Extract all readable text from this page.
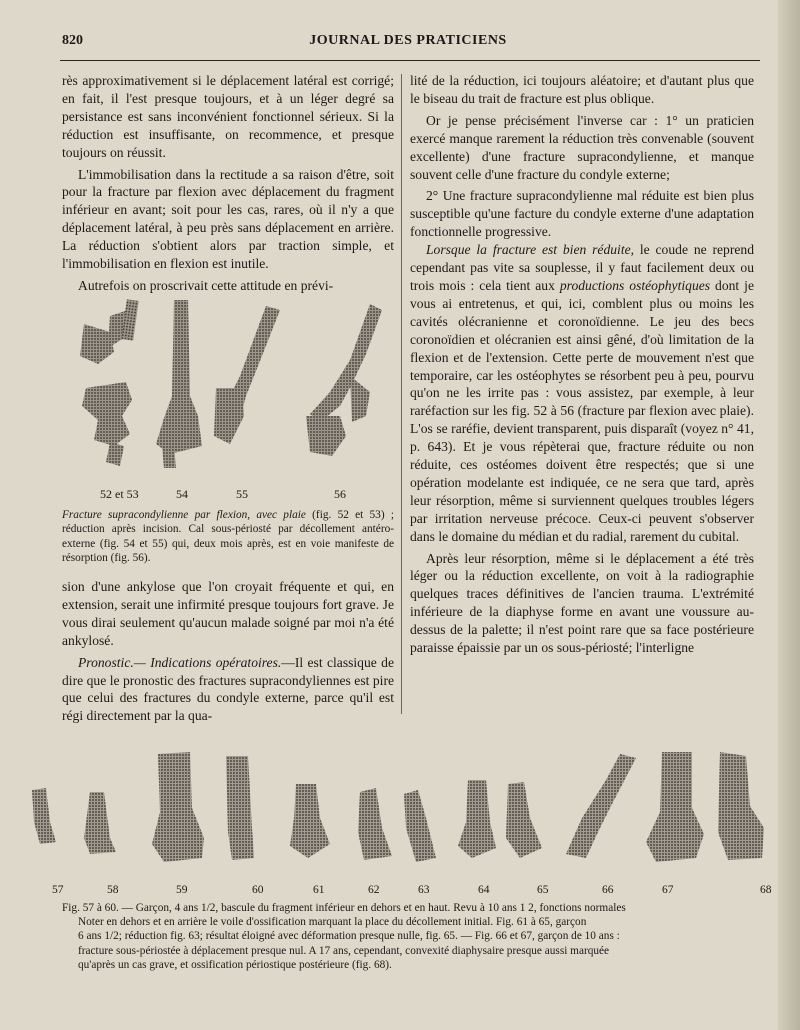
820	JOURNAL DES PRATICIENS

rès approximativement si le déplacement latéral est corrigé; en fait, il l'est presque toujours, et à un léger degré sa persistance est sans inconvénient fonctionnel sérieux. Si la réduction est insuffisante, on recommence, et presque toujours on réussit.

L'immobilisation dans la rectitude a sa raison d'être, soit pour la fracture par flexion avec déplacement du fragment inférieur en avant; soit pour les cas, rares, où il n'y a que déplacement latéral, à peu près sans déplacement en arrière. La réduction s'obtient alors par traction simple, et l'immobilisation en flexion est inutile.

Autrefois on proscrivait cette attitude en prévi-

52 et 53	54	55	56
Fracture supracondylienne par flexion, avec plaie (fig. 52 et 53) ; réduction après incision. Cal sous-périosté par décollement antéro-externe (fig. 54 et 55) qui, deux mois après, est en voie manifeste de résorption (fig. 56).

sion d'une ankylose que l'on croyait fréquente et qui, en extension, serait une infirmité presque toujours fort grave. Je vous dirai seulement qu'aucun malade soigné par moi n'a été ankylosé.

Pronostic.— Indications opératoires.—Il est classique de dire que le pronostic des fractures supracondyliennes est pire que celui des fractures du condyle externe, parce qu'il est régi directement par la qua-

lité de la réduction, ici toujours aléatoire; et d'autant plus que le biseau du trait de fracture est plus oblique.

Or je pense précisément l'inverse car : 1° un praticien exercé manque rarement la réduction très convenable (souvent excellente) d'une fracture supracondylienne, et manque souvent celle d'une fracture du condyle externe;

2° Une fracture supracondylienne mal réduite est bien plus susceptible qu'une facture du condyle externe d'une adaptation fonctionnelle progressive.

Lorsque la fracture est bien réduite, le coude ne reprend cependant pas vite sa souplesse, il y faut facilement deux ou trois mois : cela tient aux productions ostéophytiques dont je vous ai entretenus, et qui, ici, comblent plus ou moins les cavités olécranienne et coronoïdienne. Le jeu des becs coronoïdien et olécranien est ainsi gêné, d'où limitation de la flexion et de l'extension. Cette perte de mouvement n'est que temporaire, car les ostéophytes se résorbent peu à peu, pourvu qu'on ne les irrite pas : vous assistez, par exemple, à leur raréfaction sur les fig. 52 à 56 (fracture par flexion avec plaie). L'os se raréfie, devient transparent, puis disparaît (voyez n° 41, p. 643). Et je vous répèterai que, fracture réduite ou non réduite, ces ostéomes doivent être respectés; que si une opération modelante est indiquée, ce ne sera que tard, après leur résorption, même si surviennent quelques troubles légers par irritation nerveuse précoce. Ceux-ci peuvent s'observer dans le domaine du médian et du radial, rarement du cubital.

Après leur résorption, même si le déplacement a été très léger ou la réduction excellente, on voit à la radiographie quelques traces définitives de l'ancien trauma. L'extrémité inférieure de la diaphyse forme en avant une voussure au-dessus de la palette; il n'est point rare que sa face postérieure paraisse épaissie par un os sous-périosté; l'interligne

57	58	59	60	61	62	63	64	65	66	67	68

Fig. 57 à 60. — Garçon, 4 ans 1/2, bascule du fragment inférieur en dehors et en haut. Revu à 10 ans 1 2, fonctions normales

Noter en dehors et en arrière le voile d'ossification marquant la place du décollement initial. Fig. 61 à 65, garçon

6 ans 1/2; réduction fig. 63; résultat éloigné avec déformation presque nulle, fig. 65. — Fig. 66 et 67, garçon de 10 ans :

fracture sous-périostée à déplacement presque nul. A 17 ans, cependant, convexité diaphysaire presque aussi marquée

qu'après un cas grave, et ossification périostique postérieure (fig. 68).
